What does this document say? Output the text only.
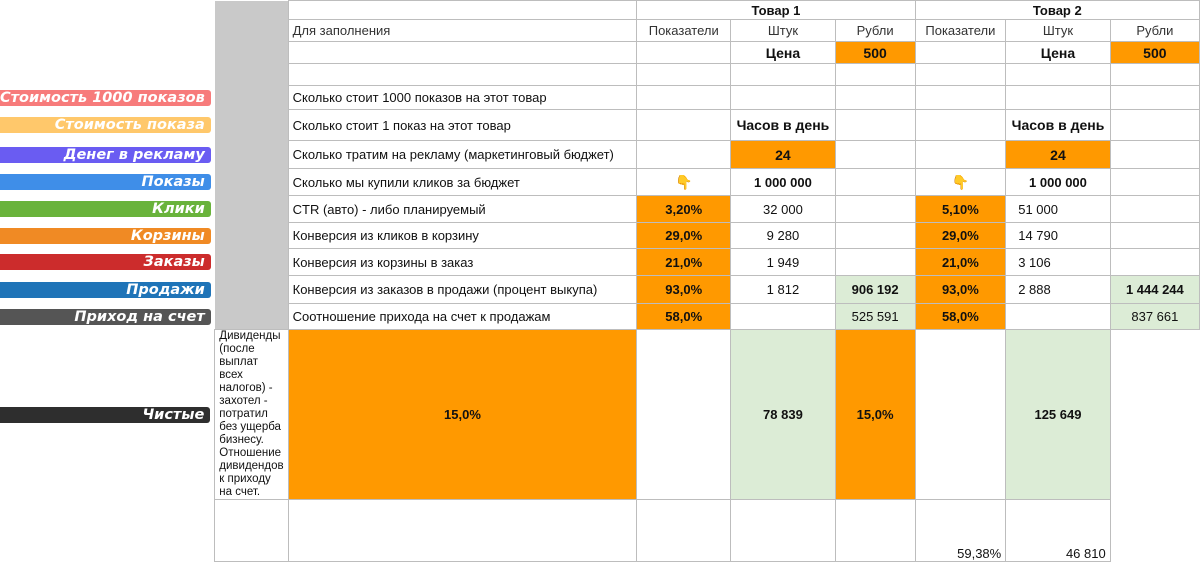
			Товар 1			Товар 2		
		Для заполнения	Показатели	Штук	Рубли	Показатели	Штук	Рубли
				Цена	500		Цена	500

Стоимость 1000 показов		Сколько стоит 1000 показов на этот товар						

Стоимость показа		Сколько стоит 1 показ на этот товар		Часов в день			Часов в день	

Денег в рекламу		Сколько тратим на рекламу (маркетинговый бюджет)		24			24	

Показы		Сколько мы купили кликов за бюджет	👇	1 000 000		👇	1 000 000	

Клики		CTR (авто) - либо планируемый	3,20%	32 000		5,10%	51 000	

Корзины		Конверсия из кликов в корзину	29,0%	9 280		29,0%	14 790	

Заказы		Конверсия из корзины в заказ	21,0%	1 949		21,0%	3 106	

Продажи		Конверсия из заказов в продажи (процент выкупа)	93,0%	1 812	906 192	93,0%	2 888	1 444 244

Приход на счет		Соотношение прихода на счет к продажам	58,0%		525 591	58,0%		837 661

Чистые	Дивиденды (после выплат всех налогов) - захотел - потратил без ущерба бизнесу. Отношение дивидендов к приходу на счет.	15,0%		78 839	15,0%		125 649	
						59,38%	46 810	
